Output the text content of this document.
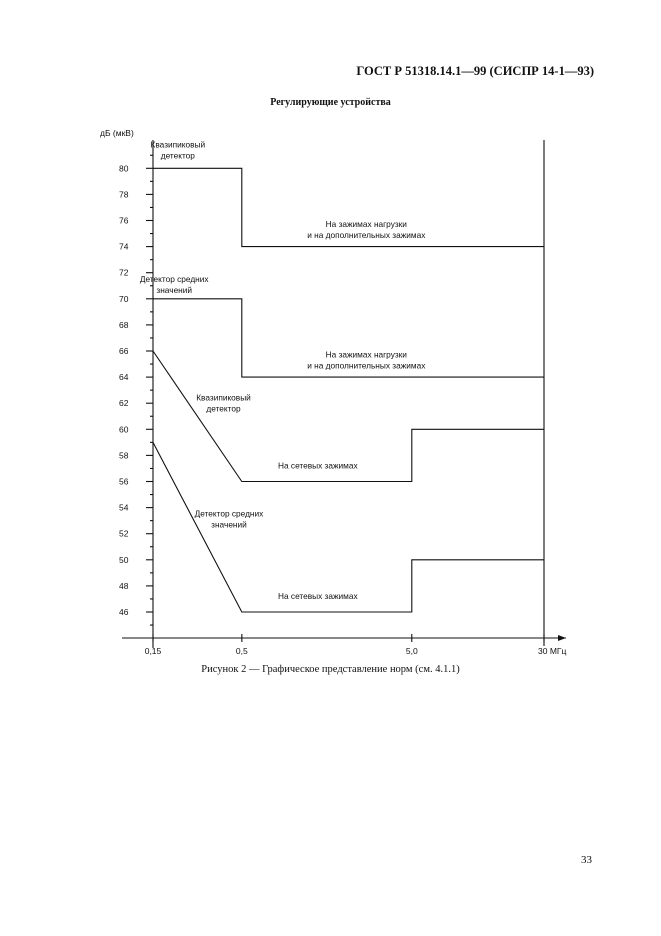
ГОСТ Р 51318.14.1—99 (СИСПР 14-1—93)
Регулирующие устройства
46
48
50
52
54
56
58
60
62
64
66
68
70
72
74
76
78
80
0,15	0,5	5,0	30 МГц
Квазипиковый
детектор
На зажимах нагрузки
и на дополнительных зажимах
Детектор средних
значений
На зажимах нагрузки
и на дополнительных зажимах
Квазипиковый
детектор
На сетевых зажимах
Детектор средних
значений
На сетевых зажимах
дБ (мкВ)
Рисунок 2 — Графическое представление норм (см. 4.1.1)
33
